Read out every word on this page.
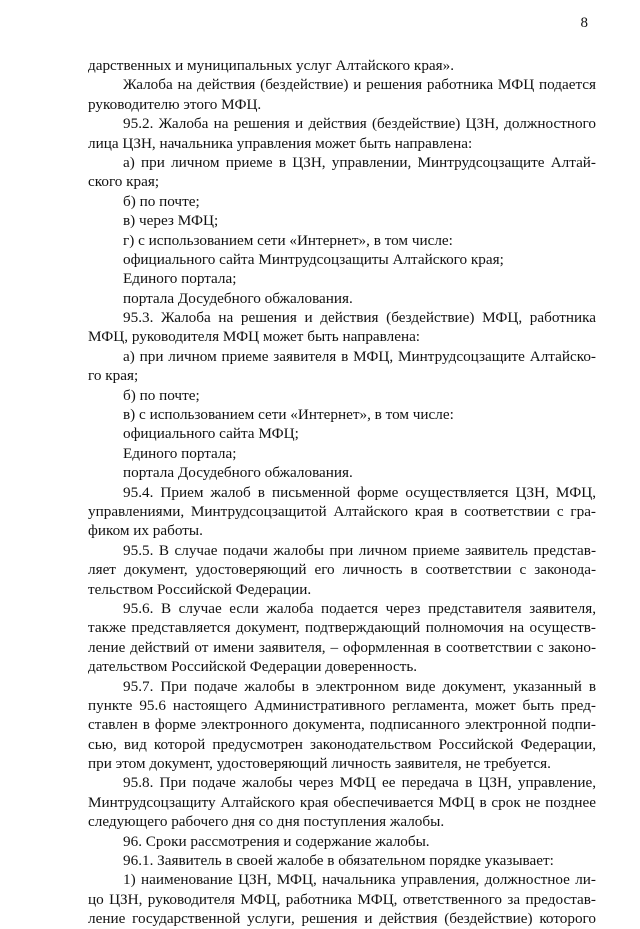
8
дарственных и муниципальных услуг Алтайского края».
Жалоба на действия (бездействие) и решения работника МФЦ подается
руководителю этого МФЦ.
95.2. Жалоба на решения и действия (бездействие) ЦЗН, должностного
лица ЦЗН, начальника управления может быть направлена:
а) при личном приеме в ЦЗН, управлении, Минтрудсоцзащите Алтай-
ского края;
б) по почте;
в) через МФЦ;
г) с использованием сети «Интернет», в том числе:
официального сайта Минтрудсоцзащиты Алтайского края;
Единого портала;
портала Досудебного обжалования.
95.3. Жалоба на решения и действия (бездействие) МФЦ, работника
МФЦ, руководителя МФЦ может быть направлена:
а) при личном приеме заявителя в МФЦ, Минтрудсоцзащите Алтайско-
го края;
б) по почте;
в) с использованием сети «Интернет», в том числе:
официального сайта МФЦ;
Единого портала;
портала Досудебного обжалования.
95.4. Прием жалоб в письменной форме осуществляется ЦЗН, МФЦ,
управлениями, Минтрудсоцзащитой Алтайского края в соответствии с гра-
фиком их работы.
95.5. В случае подачи жалобы при личном приеме заявитель представ-
ляет документ, удостоверяющий его личность в соответствии с законода-
тельством Российской Федерации.
95.6. В случае если жалоба подается через представителя заявителя,
также представляется документ, подтверждающий полномочия на осуществ-
ление действий от имени заявителя, – оформленная в соответствии с законо-
дательством Российской Федерации доверенность.
95.7. При подаче жалобы в электронном виде документ, указанный в
пункте 95.6 настоящего Административного регламента, может быть пред-
ставлен в форме электронного документа, подписанного электронной подпи-
сью, вид которой предусмотрен законодательством Российской Федерации,
при этом документ, удостоверяющий личность заявителя, не требуется.
95.8. При подаче жалобы через МФЦ ее передача в ЦЗН, управление,
Минтрудсоцзащиту Алтайского края обеспечивается МФЦ в срок не позднее
следующего рабочего дня со дня поступления жалобы.
96. Сроки рассмотрения и содержание жалобы.
96.1. Заявитель в своей жалобе в обязательном порядке указывает:
1) наименование ЦЗН, МФЦ, начальника управления, должностное ли-
цо ЦЗН, руководителя МФЦ, работника МФЦ, ответственного за предостав-
ление государственной услуги, решения и действия (бездействие) которого
